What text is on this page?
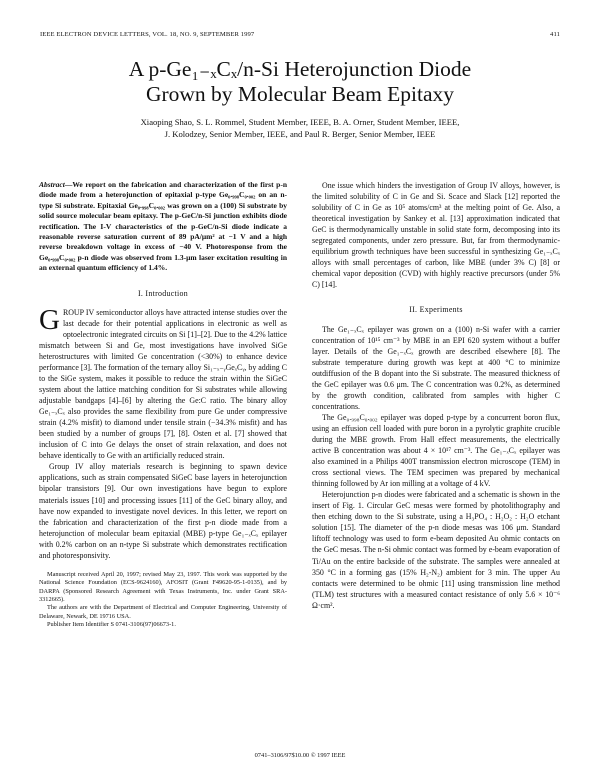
IEEE ELECTRON DEVICE LETTERS, VOL. 18, NO. 9, SEPTEMBER 1997	411
A p-Ge₁₋ₓCₓ/n-Si Heterojunction Diode
Grown by Molecular Beam Epitaxy
Xiaoping Shao, S. L. Rommel, Student Member, IEEE, B. A. Orner, Student Member, IEEE,
J. Kolodzey, Senior Member, IEEE, and Paul R. Berger, Senior Member, IEEE

Abstract—We report on the fabrication and characterization of the first p-n diode made from a heterojunction of epitaxial p-type Ge₀.₉₉₈C₀.₀₀₂ on an n-type Si substrate. Epitaxial Ge₀.₉₉₈C₀.₀₀₂ was grown on a (100) Si substrate by solid source molecular beam epitaxy. The p-GeC/n-Si junction exhibits diode rectification. The I-V characteristics of the p-GeC/n-Si diode indicate a reasonable reverse saturation current of 89 pA/μm² at −1 V and a high reverse breakdown voltage in excess of −40 V. Photoresponse from the Ge₀.₉₉₈C₀.₀₀₂ p-n diode was observed from 1.3-μm laser excitation resulting in an external quantum efficiency of 1.4%.

I. Introduction

GROUP IV semiconductor alloys have attracted intense studies over the last decade for their potential applications in electronic as well as optoelectronic integrated circuits on Si [1]–[2]. Due to the 4.2% lattice mismatch between Si and Ge, most investigations have involved SiGe heterostructures with limited Ge concentration (<30%) to enhance device performance [3]. The formation of the ternary alloy Si₁₋ₓ₋ᵧGeₓCᵧ, by adding C to the SiGe system, makes it possible to reduce the strain within the SiGeC system about the lattice matching condition for Si substrates while allowing adjustable bandgaps [4]–[6] by altering the Ge:C ratio. The binary alloy Ge₁₋ₓCₓ also provides the same flexibility from pure Ge under compressive strain (4.2% misfit) to diamond under tensile strain (−34.3% misfit) and has been studied by a number of groups [7], [8]. Osten et al. [7] showed that inclusion of C into Ge delays the onset of strain relaxation, and does not behave identically to Ge with an artificially reduced strain.

Group IV alloy materials research is beginning to spawn device applications, such as strain compensated SiGeC base layers in heterojunction bipolar transistors [9]. Our own investigations have begun to explore materials issues [10] and processing issues [11] of the GeC binary alloy, and have now expanded to investigate novel devices. In this letter, we report on the fabrication and characterization of the first p-n diode made from a heterojunction of molecular beam epitaxial (MBE) p-type Ge₁₋ₓCₓ epilayer with 0.2% carbon on an n-type Si substrate which demonstrates rectification and photoresponsivity.

Manuscript received April 20, 1997; revised May 23, 1997. This work was supported by the National Science Foundation (ECS-9624160), AFOSIT (Grant F49620-95-1-0135), and by DARPA (Sponsored Research Agreement with Texas Instruments, Inc. under Grant SRA-3312665).

The authors are with the Department of Electrical and Computer Engineering, University of Delaware, Newark, DE 19716 USA.

Publisher Item Identifier S 0741-3106(97)06673-1.

One issue which hinders the investigation of Group IV alloys, however, is the limited solubility of C in Ge and Si. Scace and Slack [12] reported the solubility of C in Ge as 10⁵ atoms/cm³ at the melting point of Ge. Also, a theoretical investigation by Sankey et al. [13] approximation indicated that GeC is thermodynamically unstable in solid state form, decomposing into its segregated components, under zero pressure. But, far from thermodynamic-equilibrium growth techniques have been successful in synthesizing Ge₁₋ₓCₓ alloys with small percentages of carbon, like MBE (under 3% C) [8] or chemical vapor deposition (CVD) with highly reactive precursors (under 5% C) [14].

II. Experiments

The Ge₁₋ₓCₓ epilayer was grown on a (100) n-Si wafer with a carrier concentration of 10¹⁵ cm⁻³ by MBE in an EPI 620 system without a buffer layer. Details of the Ge₁₋ₓCₓ growth are described elsewhere [8]. The substrate temperature during growth was kept at 400 °C to minimize outdiffusion of the B dopant into the Si substrate. The measured thickness of the GeC epilayer was 0.6 μm. The C concentration was 0.2%, as determined by the growth condition, calibrated from samples with higher C concentrations.

The Ge₀.₉₉₈C₀.₀₀₂ epilayer was doped p-type by a concurrent boron flux, using an effusion cell loaded with pure boron in a pyrolytic graphite crucible during the MBE growth. From Hall effect measurements, the electrically active B concentration was about 4 × 10¹⁷ cm⁻³. The Ge₁₋ₓCₓ epilayer was also examined in a Philips 400T transmission electron microscope (TEM) in cross sectional views. The TEM specimen was prepared by mechanical thinning followed by Ar ion milling at a voltage of 4 kV.

Heterojunction p-n diodes were fabricated and a schematic is shown in the insert of Fig. 1. Circular GeC mesas were formed by photolithography and then etching down to the Si substrate, using a H₃PO₄ : H₂O₂ : H₂O etchant solution [15]. The diameter of the p-n diode mesas was 106 μm. Standard liftoff technology was used to form e-beam deposited Au ohmic contacts on the GeC mesas. The n-Si ohmic contact was formed by e-beam evaporation of Ti/Au on the entire backside of the substrate. The samples were annealed at 350 °C in a forming gas (15% H₂-N₂) ambient for 3 min. The upper Au contacts were determined to be ohmic [11] using transmission line method (TLM) test structures with a measured contact resistance of only 5.6 × 10⁻⁶ Ω·cm².

0741–3106/97$10.00 © 1997 IEEE
